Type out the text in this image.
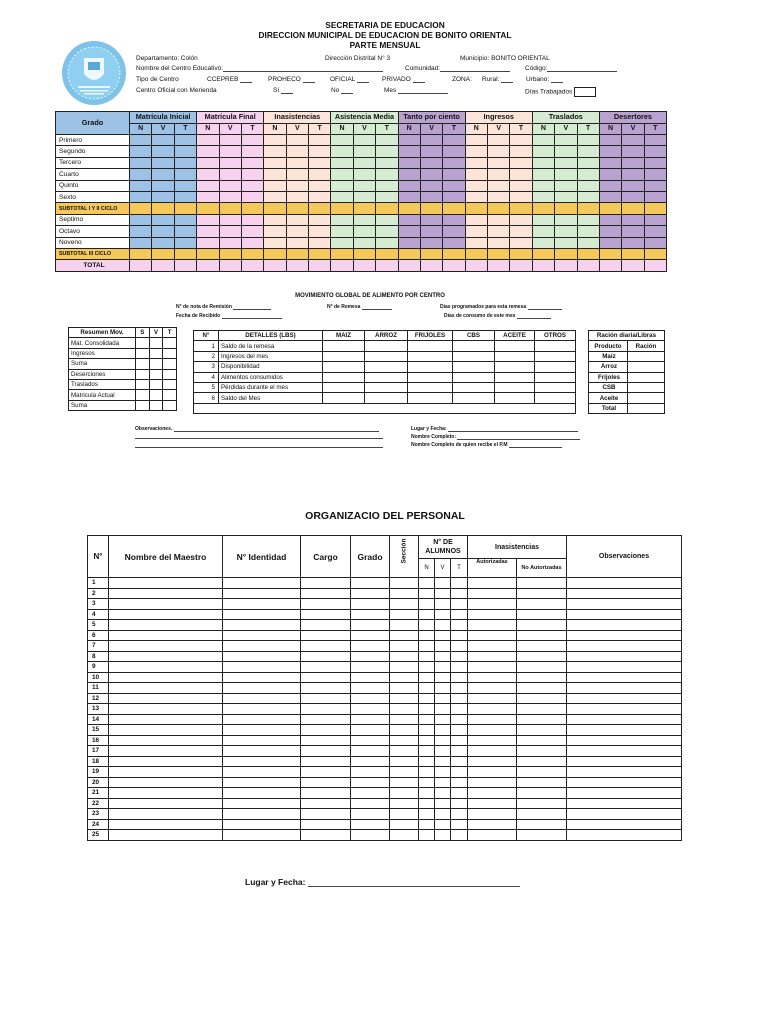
SECRETARIA DE EDUCACION
DIRECCION MUNICIPAL DE EDUCACION DE BONITO ORIENTAL
PARTE MENSUAL
Departamento: Colón	Dirección Distrital N° 3	Municipio: BONITO ORIENTAL
Nombre del Centro Educativo:	Comunidad:	Código:
Tipo de Centro	CCEPREB	PROHECO	OFICIAL	PRIVADO	ZONA: Rural:	Urbano:
Centro Oficial con Merienda	Sí	No	Mes	Días Trabajados
Grado	Matrícula Inicial			Matrícula Final			Inasistencias			Asistencia Media			Tanto por ciento			Ingresos			Traslados			Desertores		
	N	V	T	N	V	T	N	V	T	N	V	T	N	V	T	N	V	T	N	V	T	N	V	T
Primero																								
Segundo																								
Tercero																								
Cuarto																								
Quinto																								
Sexto																								
SUBTOTAL I Y II CICLO																								
Septimo																								
Octavo																								
Noveno																								
SUBTOTAL III CICLO																								
TOTAL																								
MOVIMIENTO GLOBAL DE ALIMENTO POR CENTRO
N° de nota de Remisión	N° de Remesa	Días programados para esta remesa
Fecha de Recibido	Días de consumo de este mes
Resumen Mov.	S	V	T
Mat. Consolidada			
Ingresos			
Suma			
Deserciones			
Traslados			
Matricula Actual			
Suma			
N°	DETALLES (LBS)	MAIZ	ARROZ	FRIJOLES	CBS	ACEITE	OTROS
1	Saldo de la remesa						
2	Ingresos del mes						
3	Disponibilidad						
4	Alimentos consumidos						
5	Pérdidas durante el mes						
6	Saldo del Mes						

Ración diaria/Libras	
Producto	Ración
Maíz	
Arroz	
Frijoles	
CSB	
Aceite	
Total	
Observaciones.	Lugar y Fecha:
Nombre Completo:
Nombre Completo de quien recibe el P.M
ORGANIZACIO DEL PERSONAL
N°	Nombre del Maestro	N° Identidad	Cargo	Grado	Sección	N° DE ALUMNOS			Inasistencias		Observaciones
						N	V	T	Autorizadas	No Autorizadas	
1											
2											
3											
4											
5											
6											
7											
8											
9											
10											
11											
12											
13											
14											
15											
16											
17											
18											
19											
20											
21											
22											
23											
24											
25											
Lugar y Fecha:
